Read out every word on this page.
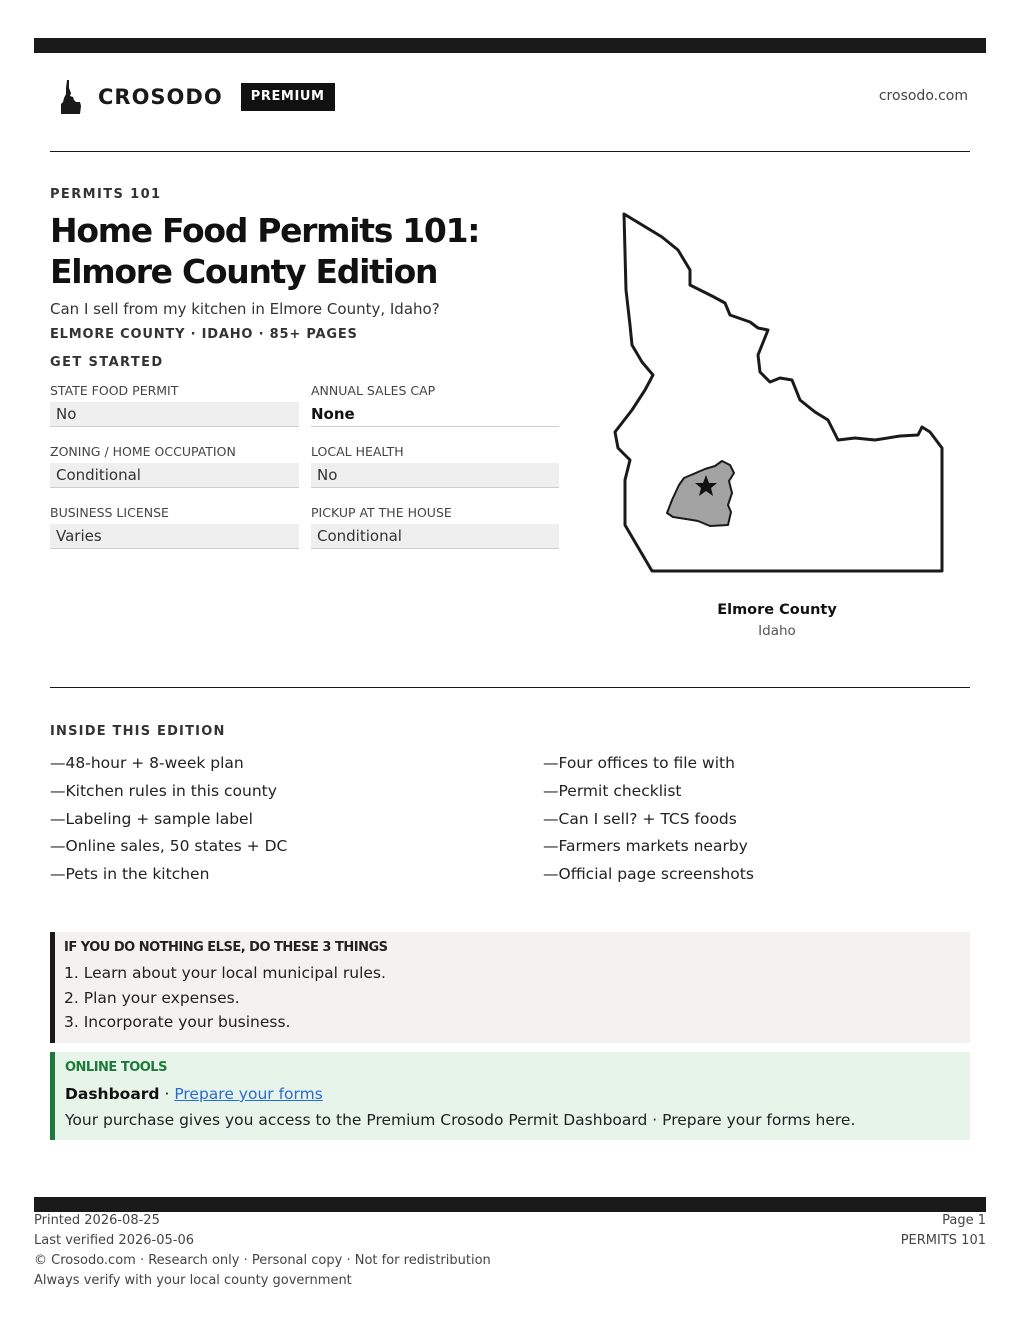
CROSODO	PREMIUM	crosodo.com
PERMITS 101
Home Food Permits 101: Elmore County Edition
Can I sell from my kitchen in Elmore County, Idaho?
ELMORE COUNTY · IDAHO · 85+ PAGES
GET STARTED
STATE FOOD PERMIT
No
ANNUAL SALES CAP
None
ZONING / HOME OCCUPATION
Conditional
LOCAL HEALTH
No
BUSINESS LICENSE
Varies
PICKUP AT THE HOUSE
Conditional
Elmore County
Idaho
INSIDE THIS EDITION
—48-hour + 8-week plan
—Kitchen rules in this county
—Labeling + sample label
—Online sales, 50 states + DC
—Pets in the kitchen
—Four offices to file with
—Permit checklist
—Can I sell? + TCS foods
—Farmers markets nearby
—Official page screenshots
IF YOU DO NOTHING ELSE, DO THESE 3 THINGS
1. Learn about your local municipal rules.
2. Plan your expenses.
3. Incorporate your business.
ONLINE TOOLS
Dashboard · Prepare your forms
Your purchase gives you access to the Premium Crosodo Permit Dashboard · Prepare your forms here.
Printed 2026-08-25
Last verified 2026-05-06
© Crosodo.com · Research only · Personal copy · Not for redistribution
Always verify with your local county government
Page 1
PERMITS 101
